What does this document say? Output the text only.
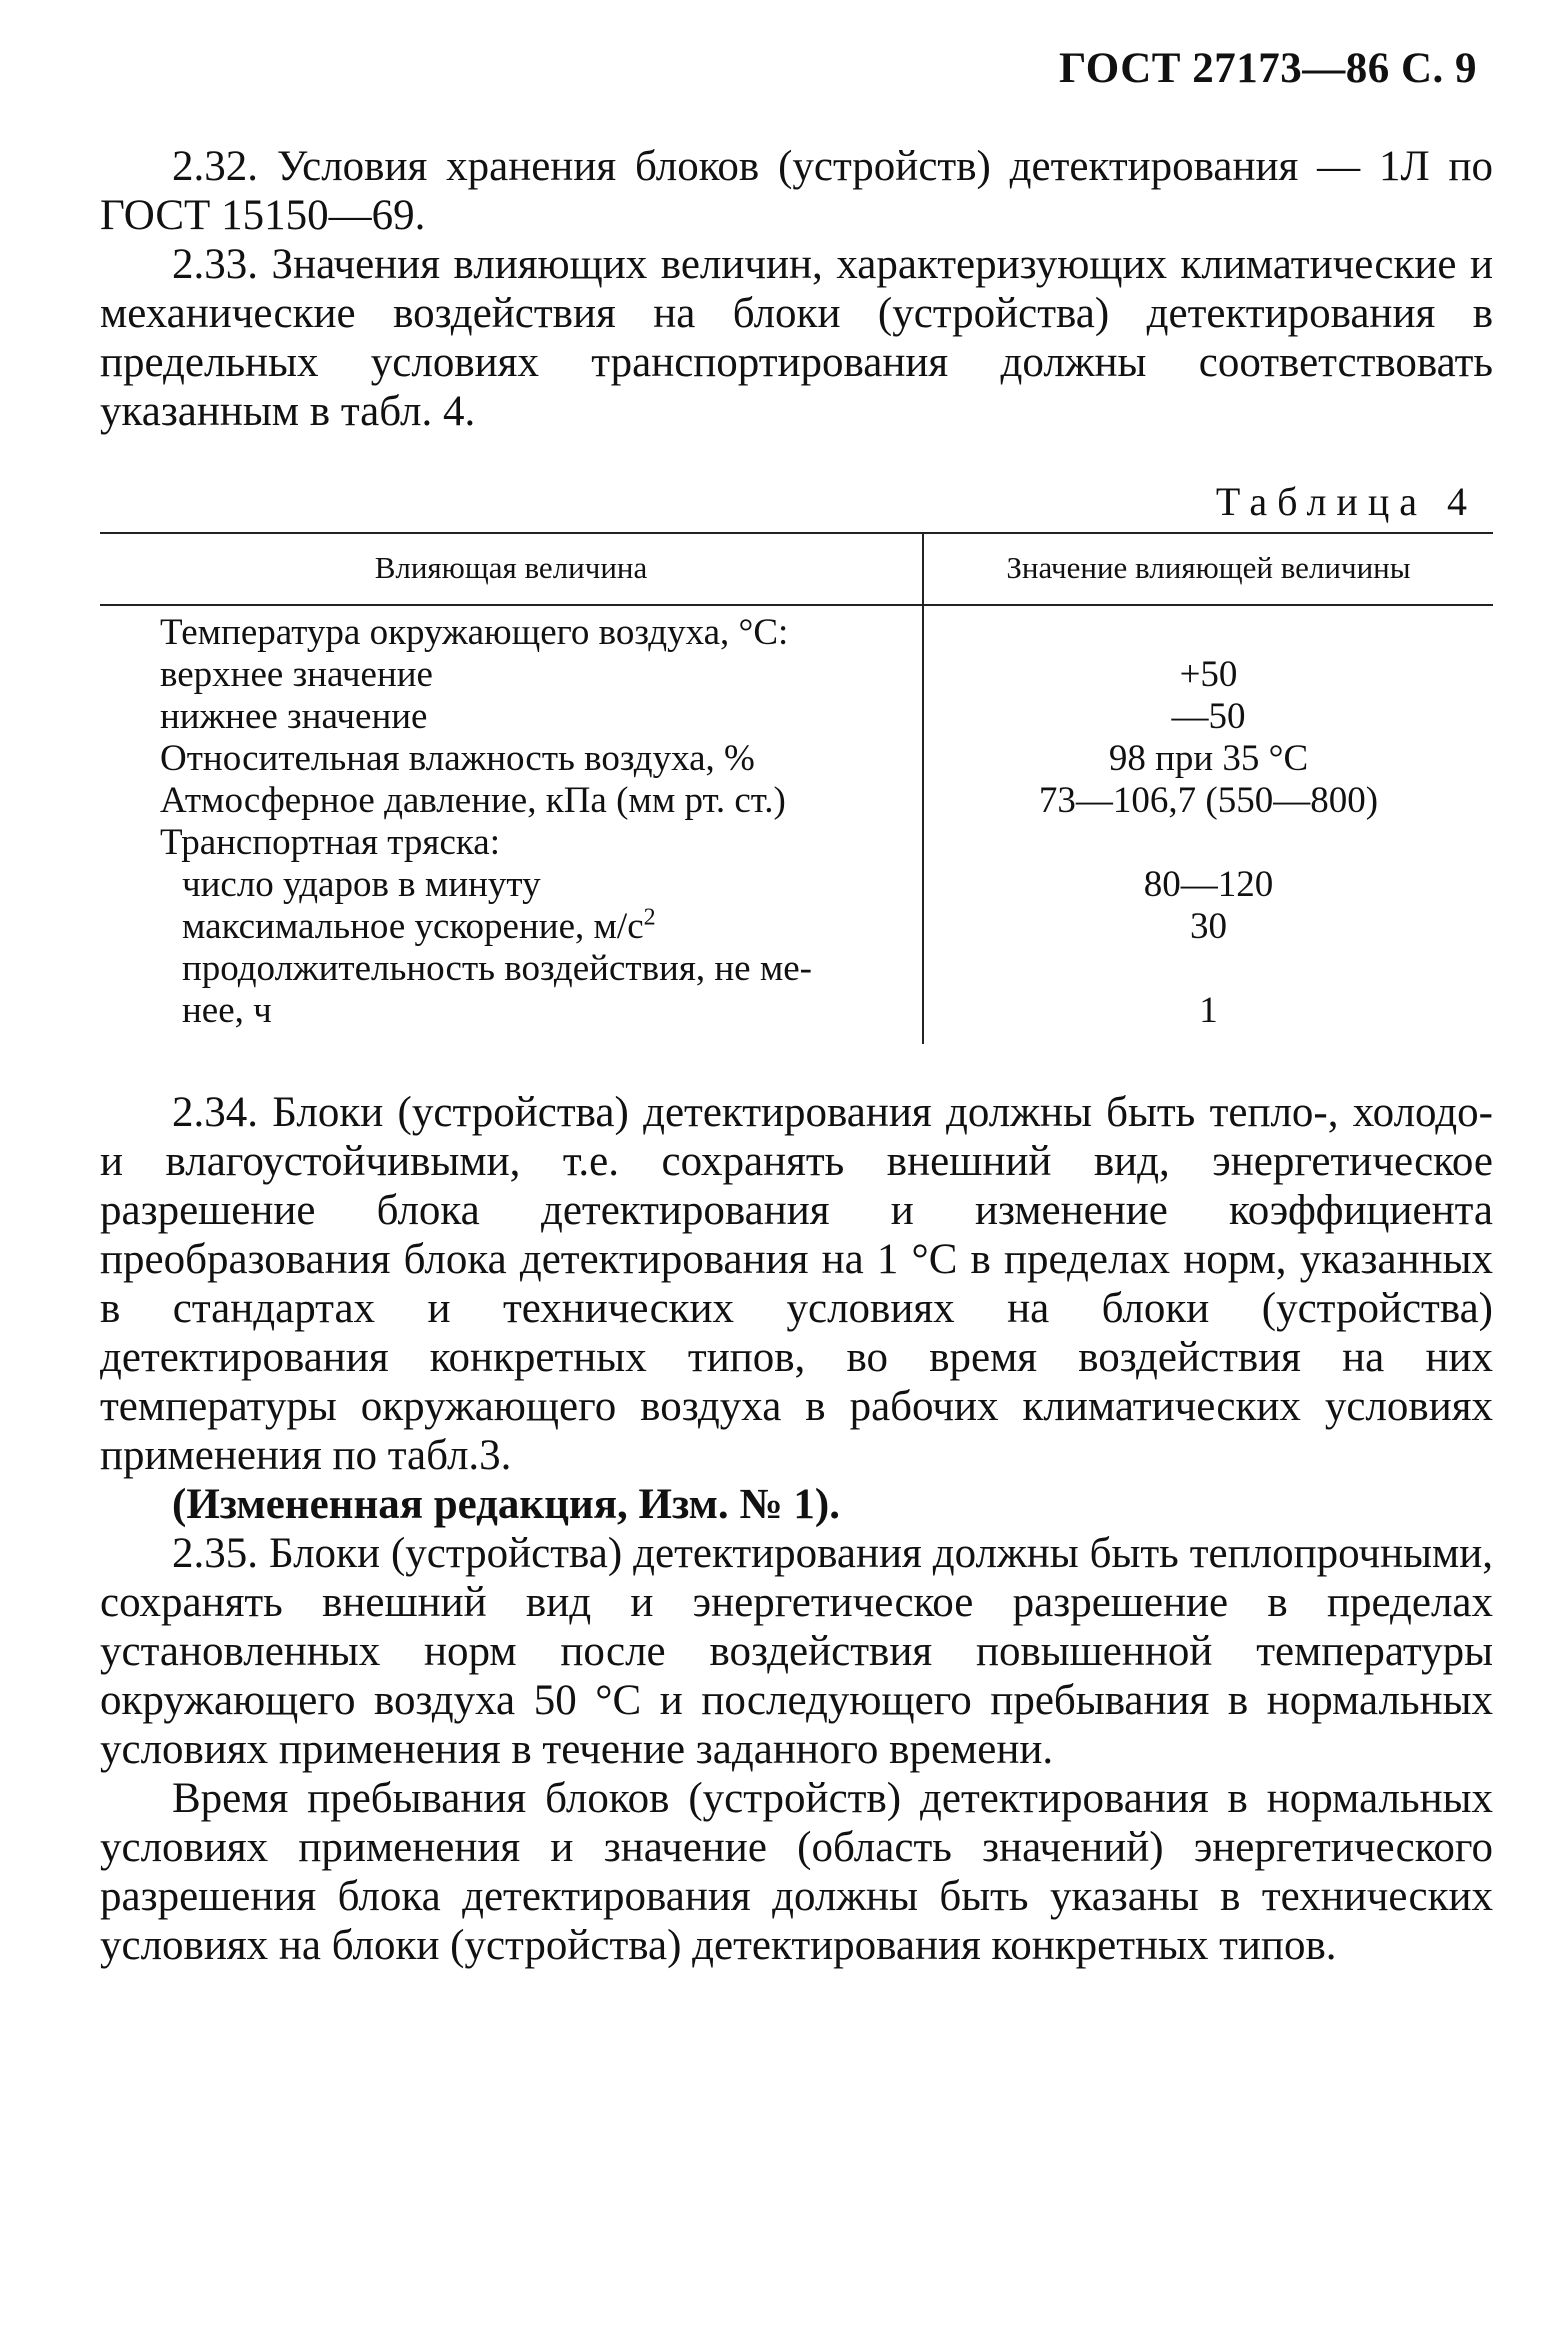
ГОСТ 27173—86 С. 9

2.32. Условия хранения блоков (устройств) детектирования — 1Л по ГОСТ 15150—69.

2.33. Значения влияющих величин, характеризующих климатические и механические воздействия на блоки (устройства) детектирования в предельных условиях транспортирования должны соответствовать указанным в табл. 4.

Таблица 4
Влияющая величина	Значение влияющей величины
Температура окружающего воздуха, °С:
верхнее значение	+50
нижнее значение	—50
Относительная влажность воздуха, %	98 при 35 °С
Атмосферное давление, кПа (мм рт. ст.)	73—106,7 (550—800)
Транспортная тряска:
число ударов в минуту	80—120
максимальное ускорение, $м/с^2$	30
продолжительность воздействия, не ме-
нее, ч	1

2.34. Блоки (устройства) детектирования должны быть тепло-, холодо- и влагоустойчивыми, т.е. сохранять внешний вид, энергетическое разрешение блока детектирования и изменение коэффициента преобразования блока детектирования на 1 °С в пределах норм, указанных в стандартах и технических условиях на блоки (устройства) детектирования конкретных типов, во время воздействия на них температуры окружающего воздуха в рабочих климатических условиях применения по табл.3.

(Измененная редакция, Изм. № 1).

2.35. Блоки (устройства) детектирования должны быть теплопрочными, сохранять внешний вид и энергетическое разрешение в пределах установленных норм после воздействия повышенной температуры окружающего воздуха 50 °С и последующего пребывания в нормальных условиях применения в течение заданного времени.

Время пребывания блоков (устройств) детектирования в нормальных условиях применения и значение (область значений) энергетического разрешения блока детектирования должны быть указаны в технических условиях на блоки (устройства) детектирования конкретных типов.
